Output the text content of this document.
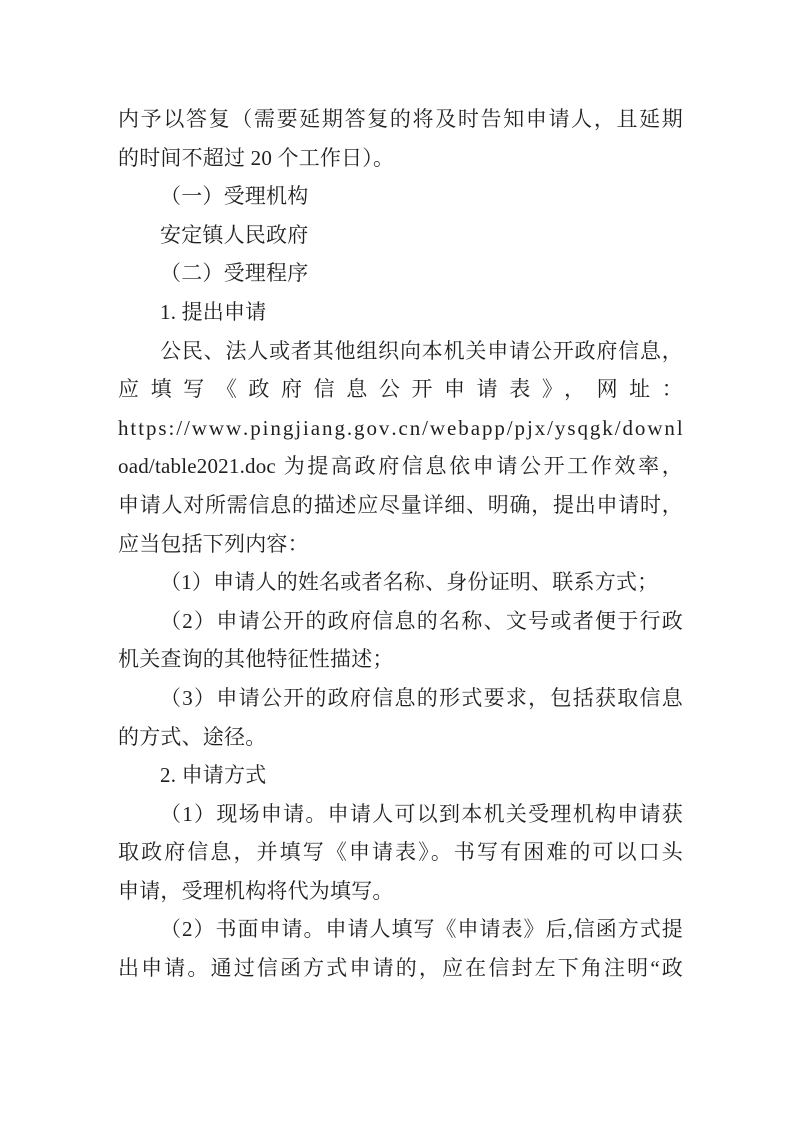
内予以答复（需要延期答复的将及时告知申请人，且延期
的时间不超过 20 个工作日）。
（一）受理机构
安定镇人民政府
（二）受理程序
1. 提出申请
公民、法人或者其他组织向本机关申请公开政府信息，
应填写《政府信息公开申请表》，网址：
h t t p s : / / w w w . p i n g j i a n g . g o v . c n / w e b a p p / p j x / y s q g k / d o w n l
oad/table2021.doc 为提高政府信息依申请公开工作效率，
申请人对所需信息的描述应尽量详细、明确，提出申请时，
应当包括下列内容：
（1）申请人的姓名或者名称、身份证明、联系方式；
（2）申请公开的政府信息的名称、文号或者便于行政
机关查询的其他特征性描述；
（3）申请公开的政府信息的形式要求，包括获取信息
的方式、途径。
2. 申请方式
（1）现场申请。申请人可以到本机关受理机构申请获
取政府信息，并填写《申请表》。书写有困难的可以口头
申请，受理机构将代为填写。
（2）书面申请。申请人填写《申请表》后,信函方式提
出申请。通过信函方式申请的，应在信封左下角注明“政
